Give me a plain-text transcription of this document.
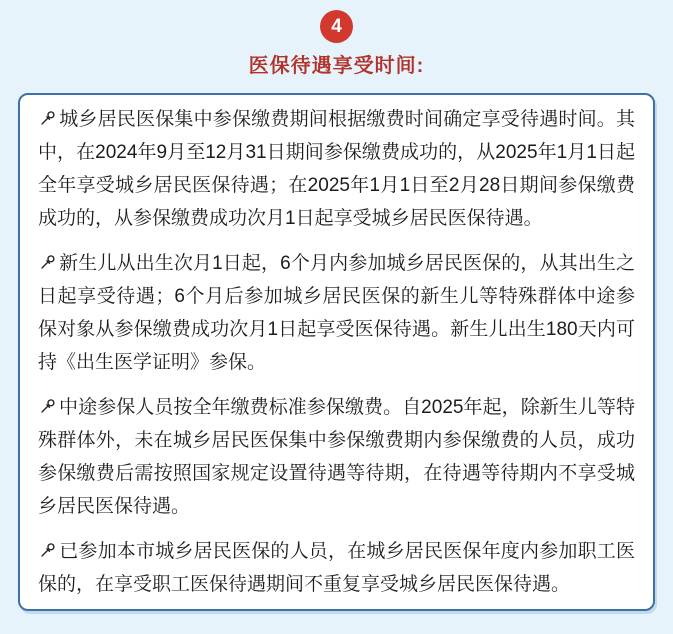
4
医保待遇享受时间:

城乡居民医保集中参保缴费期间根据缴费时间确定享受待遇时间。其中，在2024年9月至12月31日期间参保缴费成功的，从2025年1月1日起全年享受城乡居民医保待遇；在2025年1月1日至2月28日期间参保缴费成功的，从参保缴费成功次月1日起享受城乡居民医保待遇。

新生儿从出生次月1日起，6个月内参加城乡居民医保的，从其出生之日起享受待遇；6个月后参加城乡居民医保的新生儿等特殊群体中途参保对象从参保缴费成功次月1日起享受医保待遇。新生儿出生180天内可持《出生医学证明》参保。

中途参保人员按全年缴费标准参保缴费。自2025年起，除新生儿等特殊群体外，未在城乡居民医保集中参保缴费期内参保缴费的人员，成功参保缴费后需按照国家规定设置待遇等待期，在待遇等待期内不享受城乡居民医保待遇。

已参加本市城乡居民医保的人员，在城乡居民医保年度内参加职工医保的，在享受职工医保待遇期间不重复享受城乡居民医保待遇。
